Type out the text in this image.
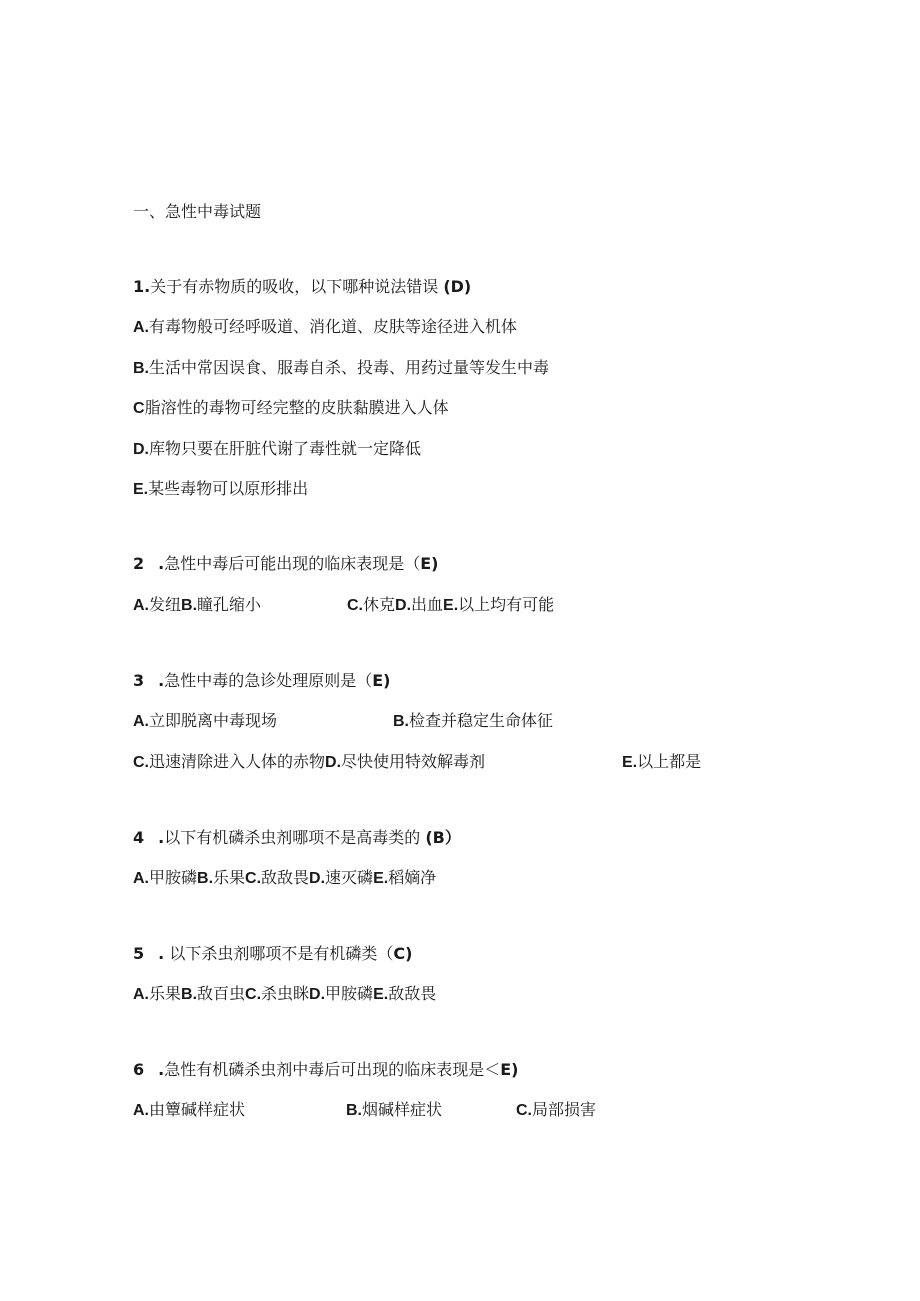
一、急性中毒试题
1.关于有赤物质的吸收，以下哪种说法错误 (D)
A.有毒物般可经呼吸道、消化道、皮肤等途径进入机体
B.生活中常因误食、服毒自杀、投毒、用药过量等发生中毒
C脂溶性的毒物可经完整的皮肤黏膜进入人体
D.库物只要在肝脏代谢了毒性就一定降低
E.某些毒物可以原形排出
2 .急性中毒后可能出现的临床表现是（E)
A.发纽B.瞳孔缩小	C.休克D.出血E.以上均有可能
3 .急性中毒的急诊处理原则是（E)
A.立即脱离中毒现场	B.检查并稳定生命体征
C.迅速清除进入人体的赤物D.尽快使用特效解毒剂	E.以上都是
4 .以下有机磷杀虫剂哪项不是高毒类的 (B）
A.甲胺磷B.乐果C.敌敌畏D.速灭磷E.稻嫡净
5 . 以下杀虫剂哪项不是有机磷类（C)
A.乐果B.敌百虫C.杀虫眯D.甲胺磷E.敌敌畏
6 .急性有机磷杀虫剂中毒后可出现的临床表现是＜E)
A.由簟碱样症状	B.烟碱样症状	C.局部损害
